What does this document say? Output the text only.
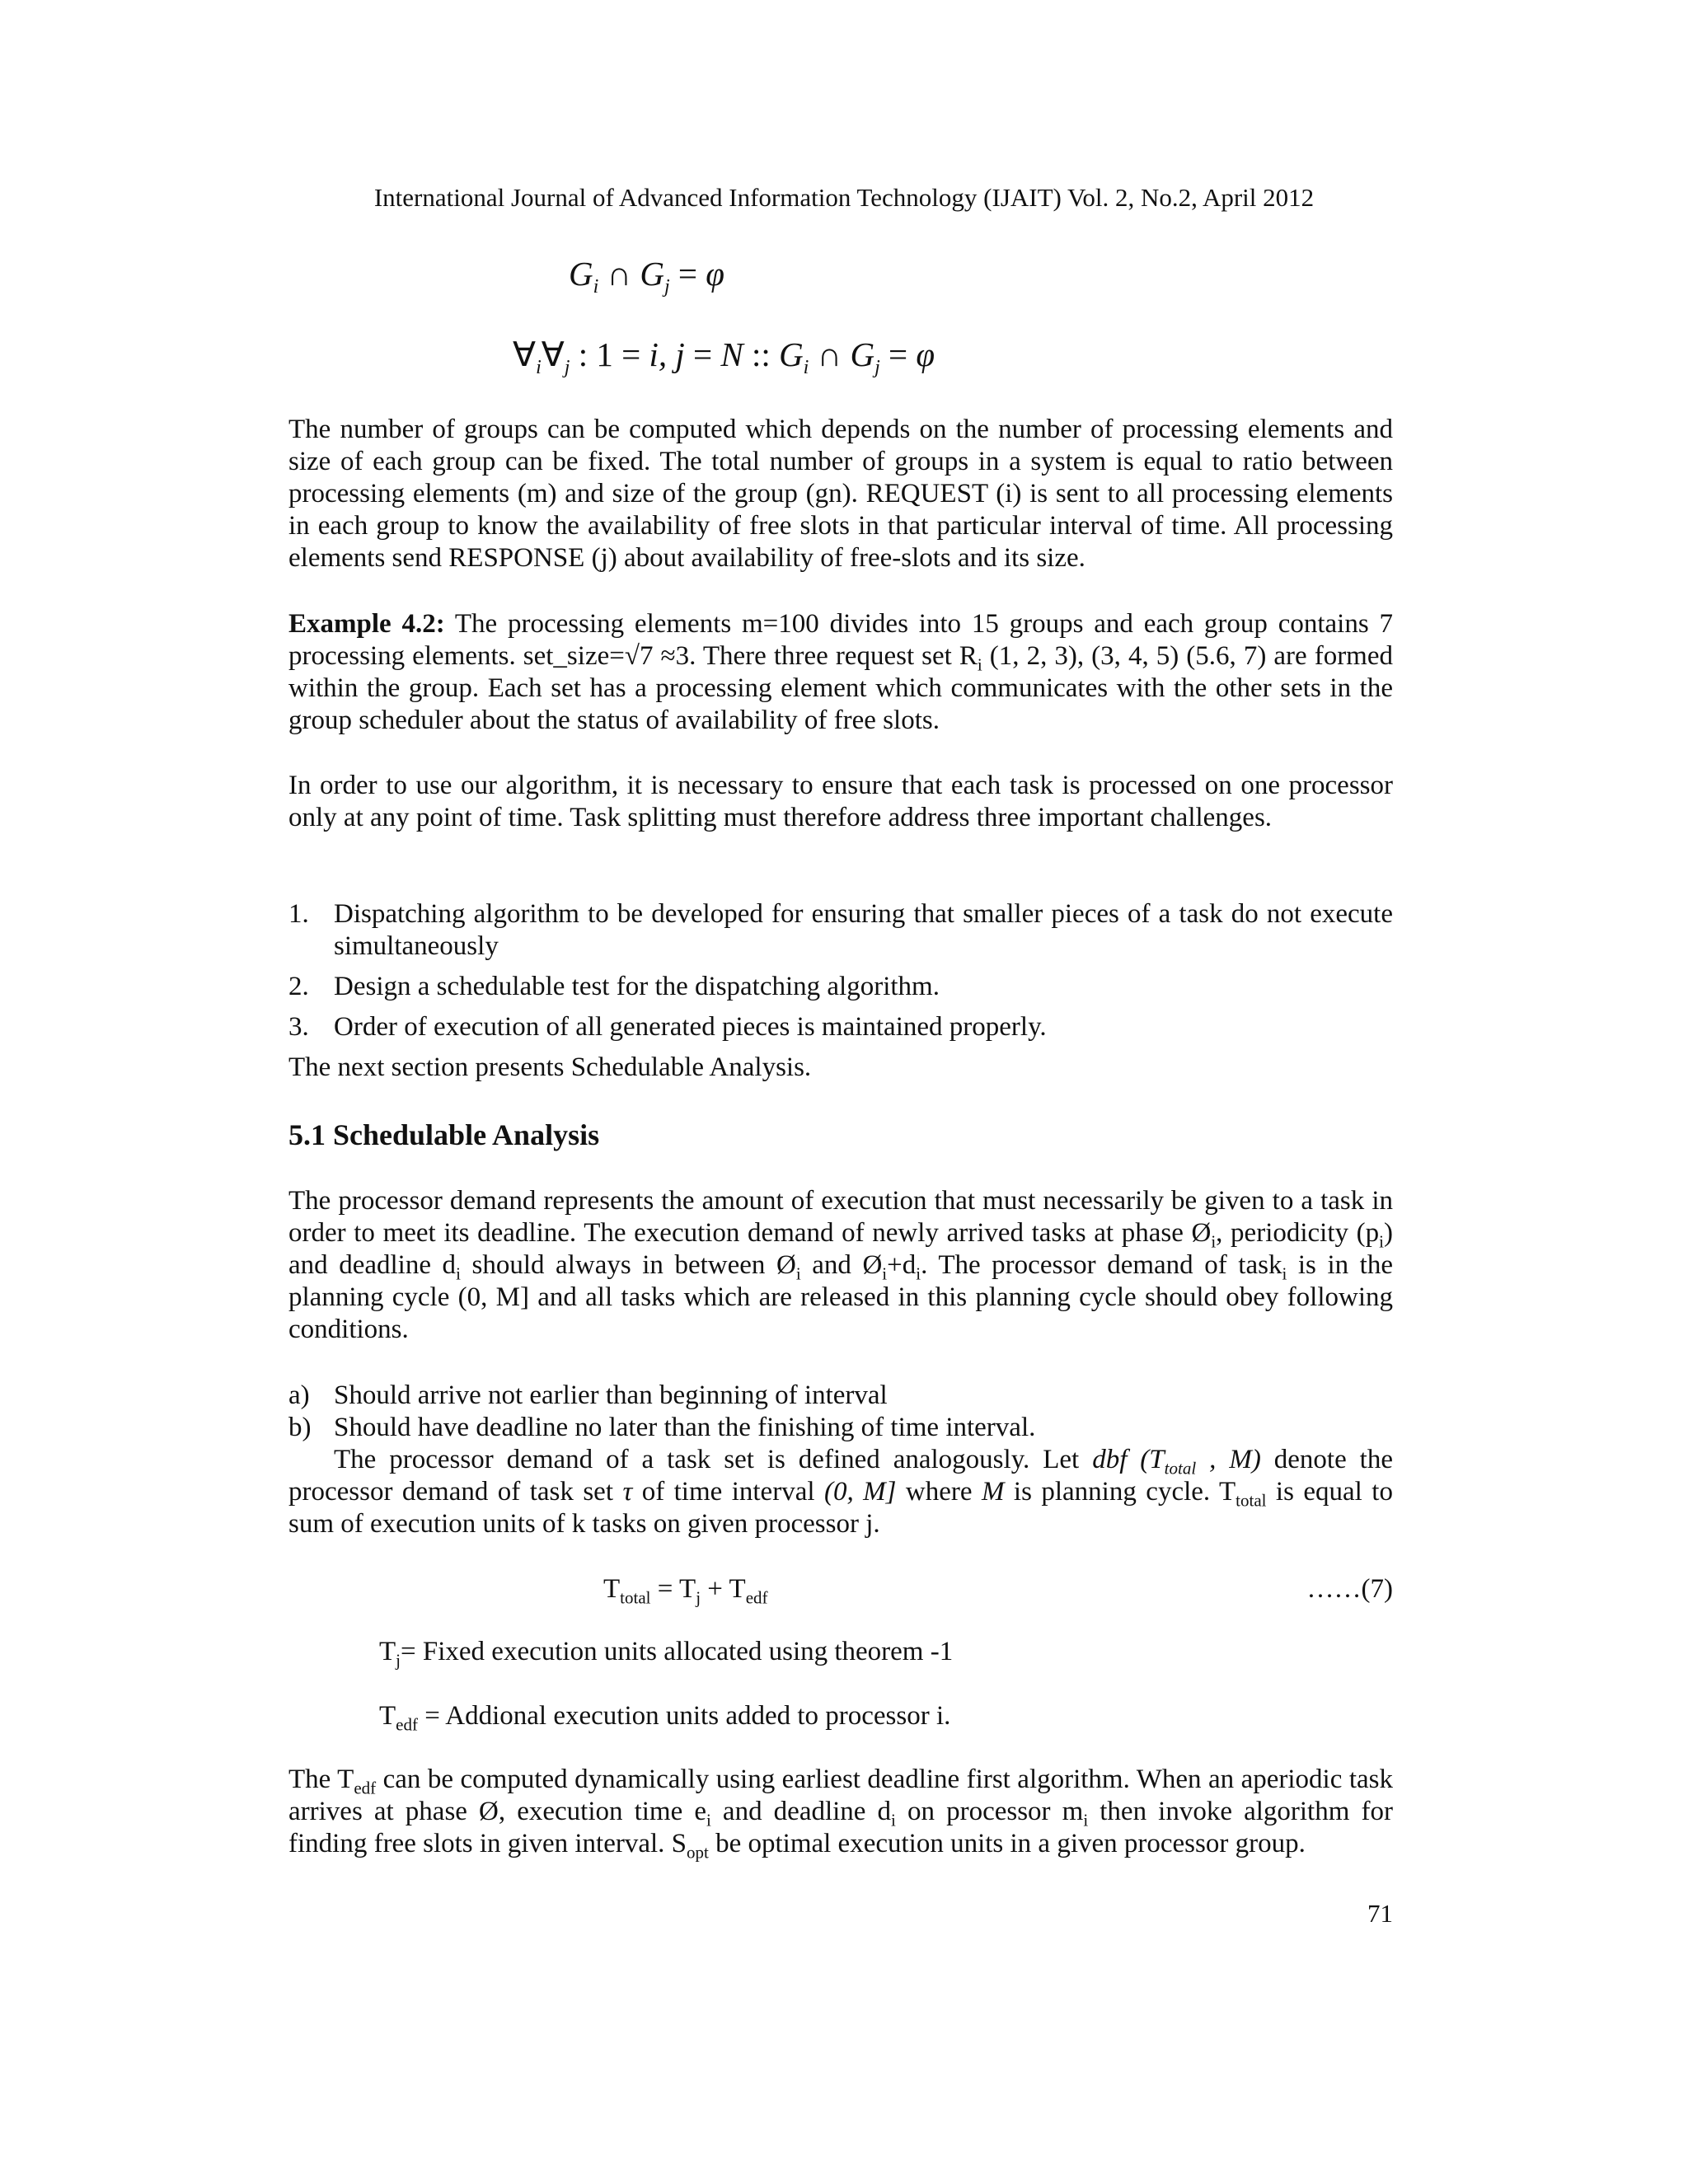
International Journal of Advanced Information Technology (IJAIT) Vol. 2, No.2, April 2012
$G_i$ ∩ $G_j = \varphi$
$\forall_i\forall_j$ : 1 = i, j = N :: $G_i$ ∩ $G_j = \varphi$

The number of groups can be computed which depends on the number of processing elements and size of each group can be fixed. The total number of groups in a system is equal to ratio between processing elements (m) and size of the group (gn). REQUEST (i) is sent to all processing elements in each group to know the availability of free slots in that particular interval of time. All processing elements send RESPONSE (j) about availability of free-slots and its size.

Example 4.2: The processing elements m=100 divides into 15 groups and each group contains 7 processing elements. set_size=√7 ≈3. There three request set $R_i$ (1, 2, 3), (3, 4, 5) (5.6, 7) are formed within the group. Each set has a processing element which communicates with the other sets in the group scheduler about the status of availability of free slots.

In order to use our algorithm, it is necessary to ensure that each task is processed on one processor only at any point of time. Task splitting must therefore address three important challenges.

1. Dispatching algorithm to be developed for ensuring that smaller pieces of a task do not execute simultaneously
2. Design a schedulable test for the dispatching algorithm.
3. Order of execution of all generated pieces is maintained properly.
The next section presents Schedulable Analysis.
5.1 Schedulable Analysis

The processor demand represents the amount of execution that must necessarily be given to a task in order to meet its deadline. The execution demand of newly arrived tasks at phase $Ø_i$, periodicity $(p_i)$ and deadline $d_i$ should always in between $Ø_i$ and $Ø_i+d_i$. The processor demand of task$_i$ is in the planning cycle (0, M] and all tasks which are released in this planning cycle should obey following conditions.

a) Should arrive not earlier than beginning of interval
b) Should have deadline no later than the finishing of time interval.

The processor demand of a task set is defined analogously. Let dbf ($T_{total}$ , M) denote the processor demand of task set τ of time interval (0, M] where M is planning cycle. $T_{total}$ is equal to sum of execution units of k tasks on given processor j.

$T_{total} = T_j + T_{edf}$	……(7)
$T_j=$ Fixed execution units allocated using theorem -1
$T_{edf}$ = Addional execution units added to processor i.

The $T_{edf}$ can be computed dynamically using earliest deadline first algorithm. When an aperiodic task arrives at phase Ø, execution time $e_i$ and deadline $d_i$ on processor $m_i$ then invoke algorithm for finding free slots in given interval. $S_{opt}$ be optimal execution units in a given processor group.

71
